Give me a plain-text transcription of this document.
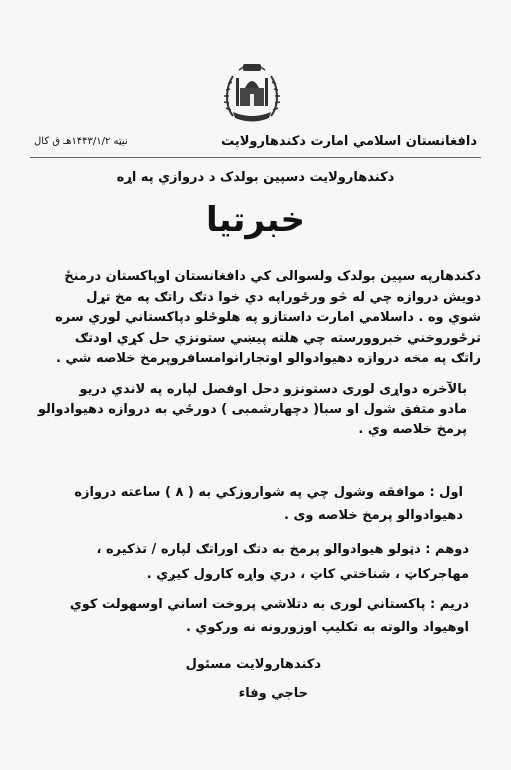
دافغانستان اسلامي امارت دکندهارولایت
نیټه ۱۴۴۳/۱/۲هـ ق کال
دکندهارولایت دسپین بولدک د دروازي په اړه
خبرتیا
دکندهارپه سپین بولدک ولسوالی کي دافغانستان اوپاکستان درمنځ
دویش دروازه چي له څو ورځوراپه دي خوا دتګ راتګ په مخ تړل
شوي وه . داسلامي امارت داستازو په هلوځلو دپاکستاني لوري سره
ترځوروخني خبروورسته چي هلته پیښي ستونزي حل کړي اودتګ
راتګ په مخه دروازه دهیوادوالو اوتجارانوامسافروپرمخ خلاصه شي .
بالآخره دواړی لوری دستونزو دحل اوفصل لپاره په لاندي دریو
مادو متفق شول او سبا( دچهارشمبی ) دورځي به دروازه دهیوادوالو
پرمخ خلاصه وي .
اول : موافقه وشول چي په شواروزکي به ( ۸ ) ساعته دروازه
دهیوادوالو پرمخ خلاصه وی .
دوهم : دټولو هیوادوالو پرمخ به دتګ اوراتګ لپاره / تذکیره ،
مهاجرکاټ ، شناختي کاټ ، دري واړه کارول کیږي .
دریم : پاکستاني لوری به دتلاشي پروخت اساني اوسهولت کوي
اوهیواد والوته به تکلیپ اوزورونه نه ورکوي .
دکندهارولایت مسئول
حاجي وفاء
